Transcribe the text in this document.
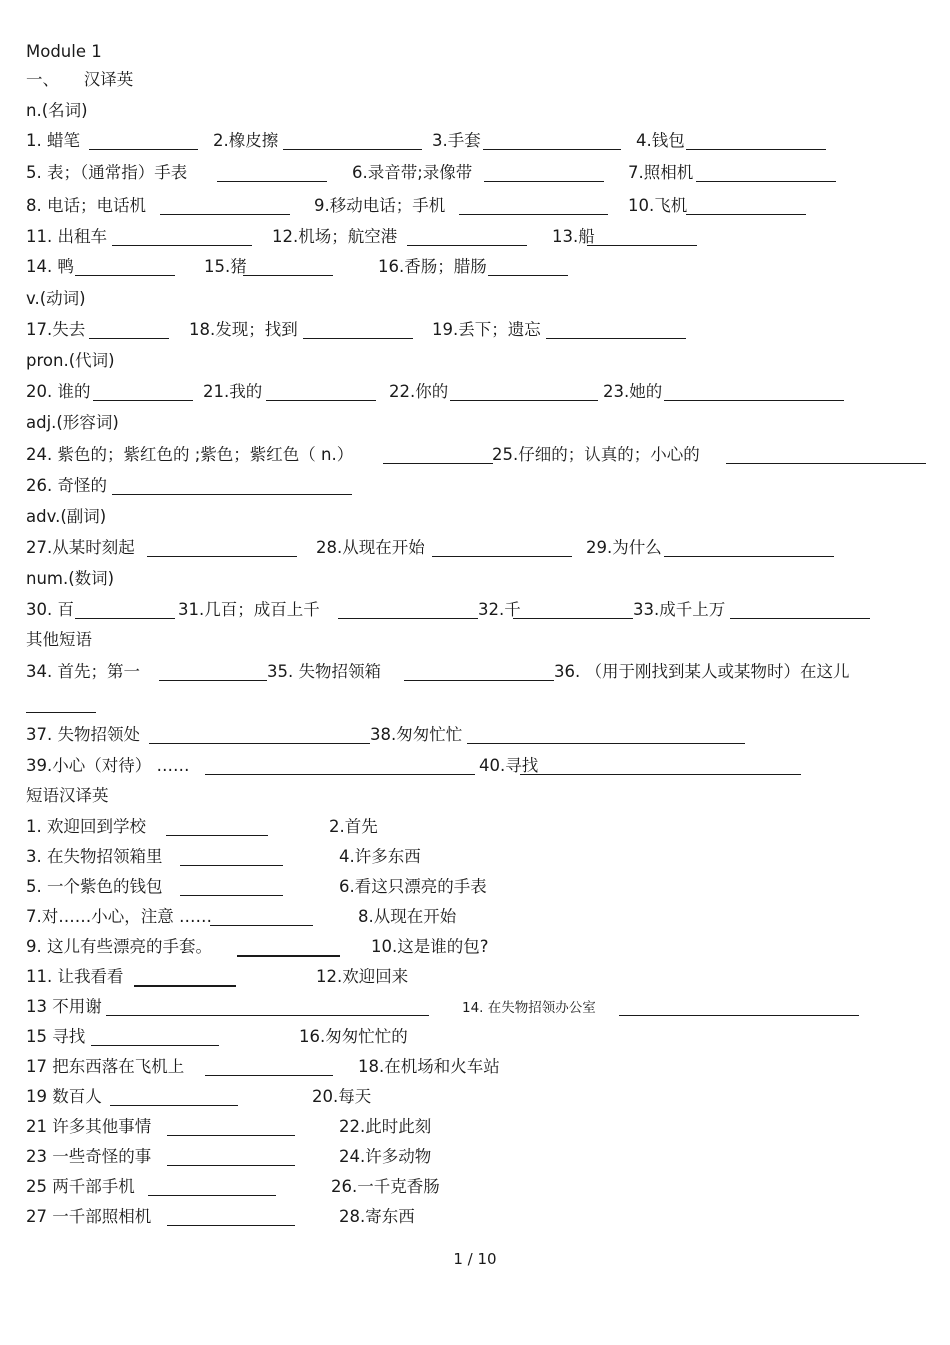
Module 1
一、　　汉译英
n.(名词)
1. 蜡笔	2.橡皮擦	3.手套	4.钱包
5. 表；（通常指）手表	6.录音带;录像带	7.照相机
8. 电话；电话机	9.移动电话；手机	10.飞机
11. 出租车	12.机场；航空港	13.船
14. 鸭	15.猪	16.香肠；腊肠
v.(动词)
17.失去	18.发现；找到	19.丢下；遗忘
pron.(代词)
20. 谁的	21.我的	22.你的	23.她的
adj.(形容词)
24. 紫色的；紫红色的 ;紫色；紫红色（ n.）	25.仔细的；认真的；小心的
26. 奇怪的
adv.(副词)
27.从某时刻起	28.从现在开始	29.为什么
num.(数词)
30. 百	31.几百；成百上千	32.千	33.成千上万
其他短语
34. 首先；第一	35. 失物招领箱	36. （用于刚找到某人或某物时）在这儿
37. 失物招领处	38.匆匆忙忙
39.小心（对待） ……	40.寻找
短语汉译英
1. 欢迎回到学校	2.首先
3. 在失物招领箱里	4.许多东西
5. 一个紫色的钱包	6.看这只漂亮的手表
7.对……小心，注意 ……	8.从现在开始
9. 这儿有些漂亮的手套。	10.这是谁的包?
11. 让我看看	12.欢迎回来
13 不用谢	14. 在失物招领办公室
15 寻找	16.匆匆忙忙的
17 把东西落在飞机上	18.在机场和火车站
19 数百人	20.每天
21 许多其他事情	22.此时此刻
23 一些奇怪的事	24.许多动物
25 两千部手机	26.一千克香肠
27 一千部照相机	28.寄东西
1 / 10
